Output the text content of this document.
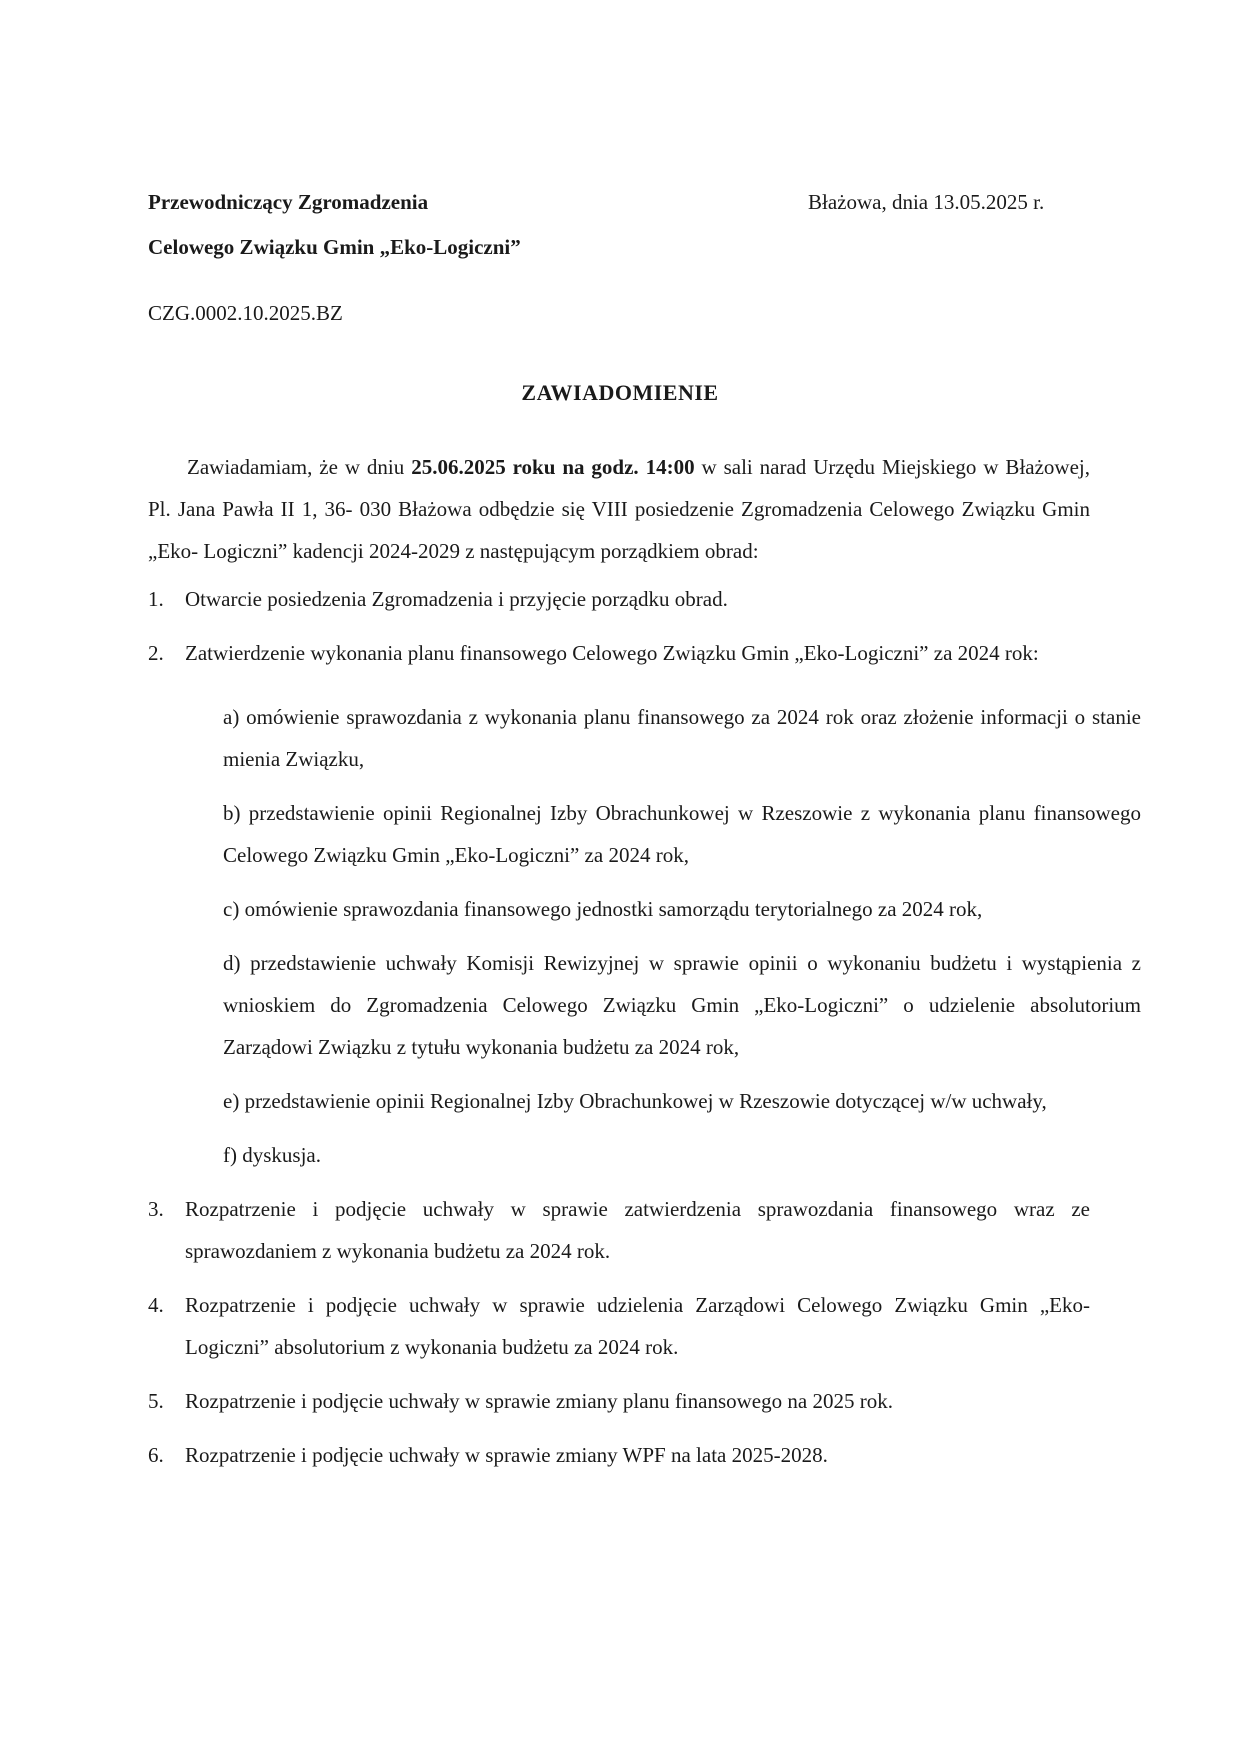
Przewodniczący Zgromadzenia
Celowego Związku Gmin „Eko-Logiczni”
Błażowa, dnia 13.05.2025 r.
CZG.0002.10.2025.BZ
ZAWIADOMIENIE
Zawiadamiam, że w dniu 25.06.2025 roku na godz. 14:00 w sali narad Urzędu Miejskiego w Błażowej, Pl. Jana Pawła II 1, 36- 030 Błażowa odbędzie się VIII posiedzenie Zgromadzenia Celowego Związku Gmin „Eko- Logiczni” kadencji 2024-2029 z następującym porządkiem obrad:
1. Otwarcie posiedzenia Zgromadzenia i przyjęcie porządku obrad.
2. Zatwierdzenie wykonania planu finansowego Celowego Związku Gmin „Eko-Logiczni” za 2024 rok:
a) omówienie sprawozdania z wykonania planu finansowego za 2024 rok oraz złożenie informacji o stanie mienia Związku,
b) przedstawienie opinii Regionalnej Izby Obrachunkowej w Rzeszowie z wykonania planu finansowego Celowego Związku Gmin „Eko-Logiczni” za 2024 rok,
c) omówienie sprawozdania finansowego jednostki samorządu terytorialnego za 2024 rok,
d) przedstawienie uchwały Komisji Rewizyjnej w sprawie opinii o wykonaniu budżetu i wystąpienia z wnioskiem do Zgromadzenia Celowego Związku Gmin „Eko-Logiczni” o udzielenie absolutorium Zarządowi Związku z tytułu wykonania budżetu za 2024 rok,
e) przedstawienie opinii Regionalnej Izby Obrachunkowej w Rzeszowie dotyczącej w/w uchwały,
f) dyskusja.
3. Rozpatrzenie i podjęcie uchwały w sprawie zatwierdzenia sprawozdania finansowego wraz ze sprawozdaniem z wykonania budżetu za 2024 rok.
4. Rozpatrzenie i podjęcie uchwały w sprawie udzielenia Zarządowi Celowego Związku Gmin „Eko-Logiczni” absolutorium z wykonania budżetu za 2024 rok.
5. Rozpatrzenie i podjęcie uchwały w sprawie zmiany planu finansowego na 2025 rok.
6. Rozpatrzenie i podjęcie uchwały w sprawie zmiany WPF na lata 2025-2028.
